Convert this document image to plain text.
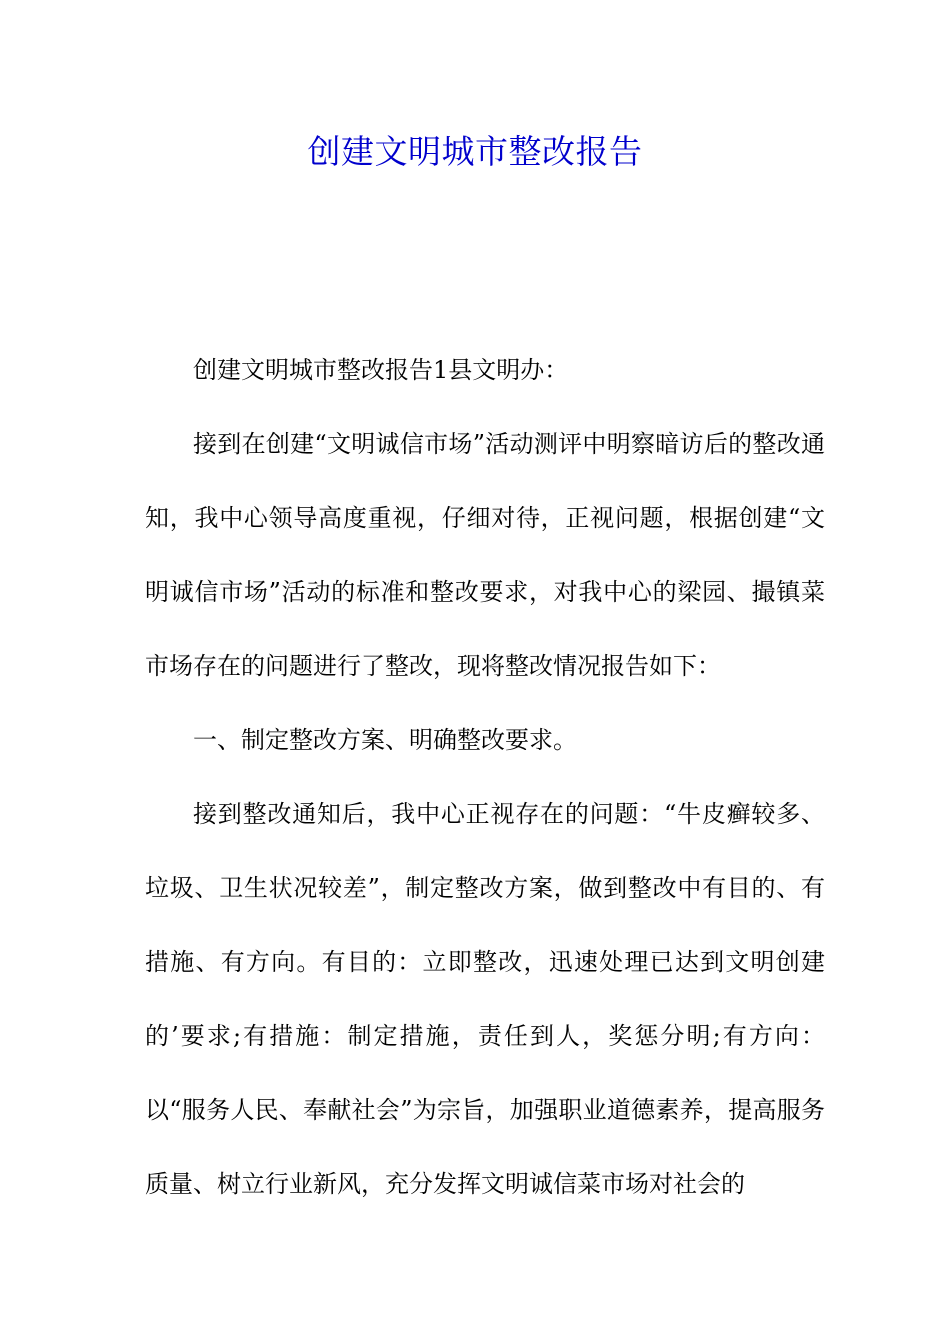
创建文明城市整改报告

创建文明城市整改报告1县文明办：

接到在创建“文明诚信市场”活动测评中明察暗访后的整改通知，我中心领导高度重视，仔细对待，正视问题，根据创建“文明诚信市场”活动的标准和整改要求，对我中心的梁园、撮镇菜市场存在的问题进行了整改，现将整改情况报告如下：

一、制定整改方案、明确整改要求。

接到整改通知后，我中心正视存在的问题：“牛皮癣较多、垃圾、卫生状况较差”，制定整改方案，做到整改中有目的、有措施、有方向。有目的：立即整改，迅速处理已达到文明创建的’要求;有措施：制定措施，责任到人，奖惩分明;有方向：以“服务人民、奉献社会”为宗旨，加强职业道德素养，提高服务质量、树立行业新风，充分发挥文明诚信菜市场对社会的
